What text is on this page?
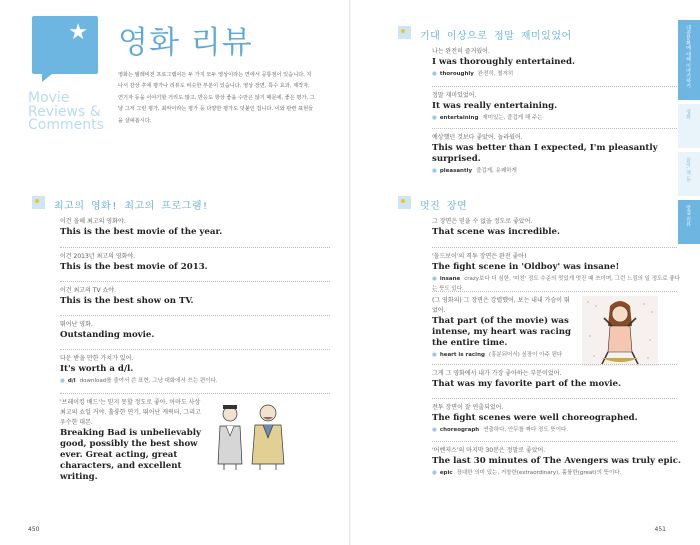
★ 영화 리뷰
Movie Reviews & Comments
영화는 텔레비전 프로그램이든 두 가지 모두 영상이라는 면에서 공통점이 있습니다. 지나서 감상 후에 평가나 리뷰도 비슷한 부분이 있습니다. 영상 장면, 특수 효과, 제작자, 연기자 등을 이야기할 거리도 많고, 반응도 항상 좋을 수만은 않기 때문에, 좋은 평가, 그냥 그저 그런 평가, 최악이라는 평가 등 다양한 평가도 덧붙인 겁니다. 이와 관련 표현들을 살펴봅시다.
최고의 영화! 최고의 프로그램!
이건 올해 최고의 영화야.
This is the best movie of the year.
이건 2013년 최고의 영화야.
This is the best movie of 2013.
이건 최고의 TV 쇼야.
This is the best show on TV.
뛰어난 영화.
Outstanding movie.
다운 받을 만한 가치가 있어.
It's worth a d/l.
● d/l download를 줄여서 쓴 표현, 그냥 대화에서 쓰는 편이다.
'브레이킹 배드'는 믿지 못할 정도로 좋아. 아마도 사상 최고의 쇼일 거야. 훌륭한 연기, 뛰어난 캐릭터, 그리고 우수한 대본.
Breaking Bad is unbelievably good, possibly the best show ever. Great acting, great characters, and excellent writing.
450
기대 이상으로 정말 재미있었어
나는 완전히 즐거웠어.
I was thoroughly entertained.
● thoroughly 완전히, 철저히
정말 재미있었어.
It was really entertaining.
● entertaining 재미있는, 즐겁게 해 주는
예상했던 것보다 좋았어. 놀라웠어.
This was better than I expected, I'm pleasantly surprised.
● pleasantly 즐겁게, 유쾌하게
멋진 장면
그 장면은 믿을 수 없을 정도로 좋았어.
That scene was incredible.
'올드보이'의 격투 장면은 완전 좋아!
The fight scene in 'Oldboy' was insane!
● insane crazy보다 더 심한, '미친' 정도 수준의 멋있게 멋진 때 쓰이며, 그런 느낌의 일 정도로 좋다는 뜻도 있다.
(그 영화의) 그 장면은 강렬했어, 보는 내내 가슴이 뛰었어.
That part (of the movie) was intense, my heart was racing the entire time.
● heart is racing (흥분되어서) 심장이 아주 뛴다
그게 그 영화에서 내가 가장 좋아하는 부분이었어.
That was my favorite part of the movie.
전투 장면이 잘 연출되었어.
The fight scenes were well choreographed.
● choreograph 연출하다, 안무를 짜다 정도 뜻이다.
'어벤저스'의 마지막 30분은 정말로 좋았어.
The last 30 minutes of The Avengers was truly epic.
● epic 장대한 의미 있는, 거창한(extraordinary), 훌륭한(great)의 뜻이다.
451
대중문화에 대해 이야기하기
영화
음악, 책 등
맛집 리뷰
